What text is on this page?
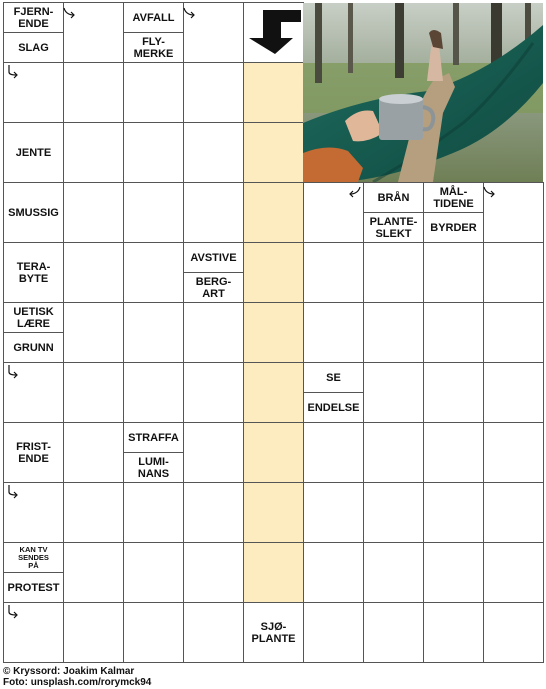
FJERN-
ENDE
SLAG
AVFALL
FLY-
MERKE
JENTE
SMUSSIG
BRÅN
PLANTE-
SLEKT
MÅL-
TIDENE
BYRDER
TERA-
BYTE
AVSTIVE
BERG-
ART
UETISK
LÆRE
GRUNN
SE
ENDELSE
FRIST-
ENDE
STRAFFA
LUMI-
NANS
KAN TV
SENDES
PÅ
PROTEST
SJØ-
PLANTE
© Kryssord: Joakim Kalmar
Foto: unsplash.com/rorymck94
